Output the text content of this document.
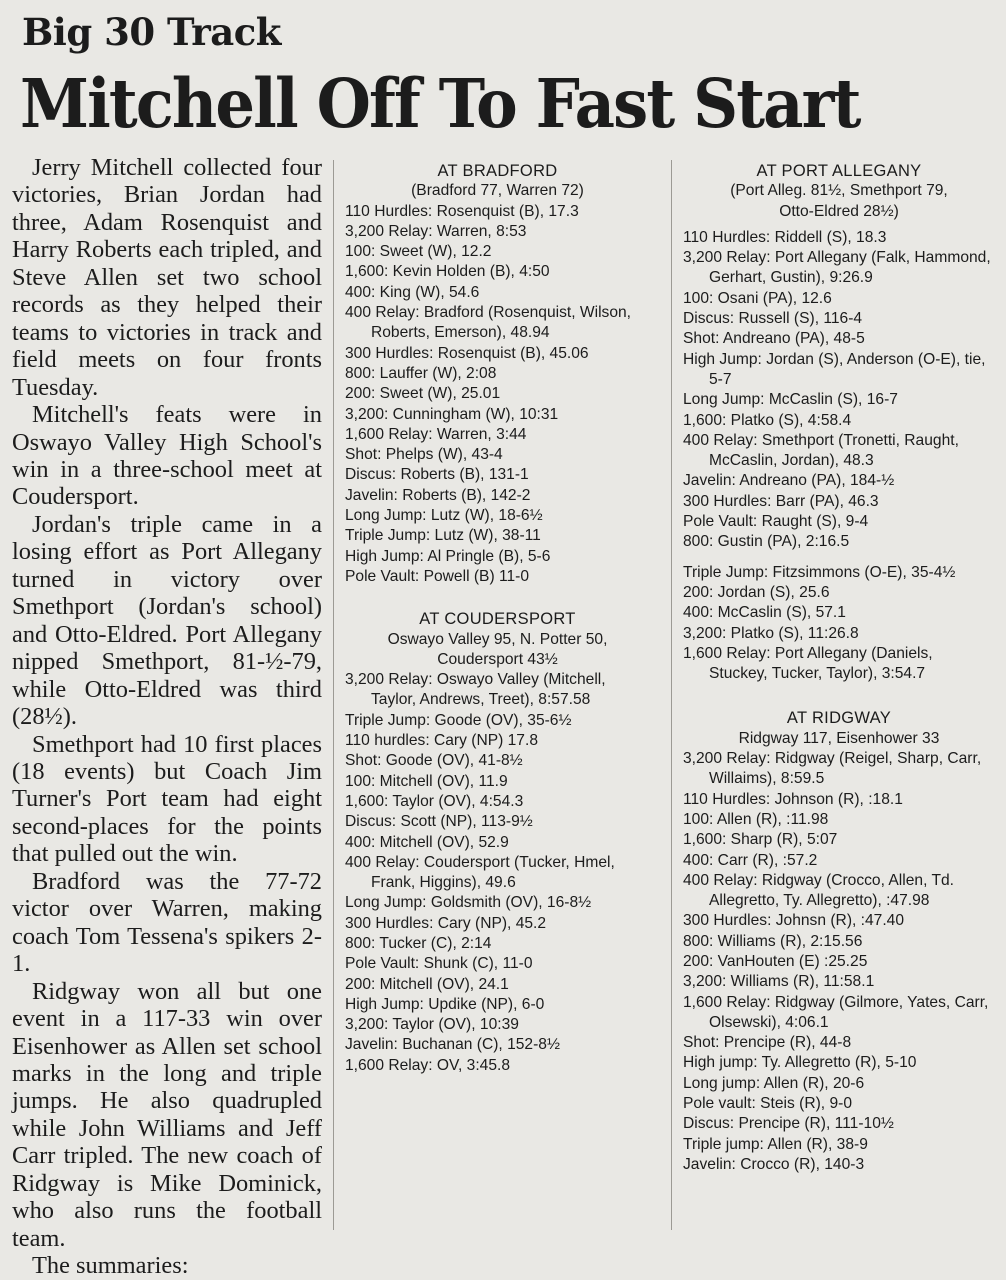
Big 30 Track
Mitchell Off To Fast Start

Jerry Mitchell collected four victories, Brian Jordan had three, Adam Rosenquist and Harry Roberts each tripled, and Steve Allen set two school records as they helped their teams to victories in track and field meets on four fronts Tuesday.

Mitchell's feats were in Oswayo Valley High School's win in a three-school meet at Coudersport.

Jordan's triple came in a losing effort as Port Allegany turned in victory over Smethport (Jordan's school) and Otto-Eldred. Port Allegany nipped Smethport, 81-½-79, while Otto-Eldred was third (28½).

Smethport had 10 first places (18 events) but Coach Jim Turner's Port team had eight second-places for the points that pulled out the win.

Bradford was the 77-72 victor over Warren, making coach Tom Tessena's spikers 2-1.

Ridgway won all but one event in a 117-33 win over Eisenhower as Allen set school marks in the long and triple jumps. He also quadrupled while John Williams and Jeff Carr tripled. The new coach of Ridgway is Mike Dominick, who also runs the football team.

The summaries:

AT BRADFORD
(Bradford 77, Warren 72)
110 Hurdles: Rosenquist (B), 17.3
3,200 Relay: Warren, 8:53
100: Sweet (W), 12.2
1,600: Kevin Holden (B), 4:50
400: King (W), 54.6
400 Relay: Bradford (Rosenquist, Wilson, Roberts, Emerson), 48.94
300 Hurdles: Rosenquist (B), 45.06
800: Lauffer (W), 2:08
200: Sweet (W), 25.01
3,200: Cunningham (W), 10:31
1,600 Relay: Warren, 3:44
Shot: Phelps (W), 43-4
Discus: Roberts (B), 131-1
Javelin: Roberts (B), 142-2
Long Jump: Lutz (W), 18-6½
Triple Jump: Lutz (W), 38-11
High Jump: Al Pringle (B), 5-6
Pole Vault: Powell (B) 11-0
AT COUDERSPORT
Oswayo Valley 95, N. Potter 50,
Coudersport 43½
3,200 Relay: Oswayo Valley (Mitchell, Taylor, Andrews, Treet), 8:57.58
Triple Jump: Goode (OV), 35-6½
110 hurdles: Cary (NP) 17.8
Shot: Goode (OV), 41-8½
100: Mitchell (OV), 11.9
1,600: Taylor (OV), 4:54.3
Discus: Scott (NP), 113-9½
400: Mitchell (OV), 52.9
400 Relay: Coudersport (Tucker, Hmel, Frank, Higgins), 49.6
Long Jump: Goldsmith (OV), 16-8½
300 Hurdles: Cary (NP), 45.2
800: Tucker (C), 2:14
Pole Vault: Shunk (C), 11-0
200: Mitchell (OV), 24.1
High Jump: Updike (NP), 6-0
3,200: Taylor (OV), 10:39
Javelin: Buchanan (C), 152-8½
1,600 Relay: OV, 3:45.8
AT PORT ALLEGANY
(Port Alleg. 81½, Smethport 79,
Otto-Eldred 28½)
110 Hurdles: Riddell (S), 18.3
3,200 Relay: Port Allegany (Falk, Hammond, Gerhart, Gustin), 9:26.9
100: Osani (PA), 12.6
Discus: Russell (S), 116-4
Shot: Andreano (PA), 48-5
High Jump: Jordan (S), Anderson (O-E), tie, 5-7
Long Jump: McCaslin (S), 16-7
1,600: Platko (S), 4:58.4
400 Relay: Smethport (Tronetti, Raught, McCaslin, Jordan), 48.3
Javelin: Andreano (PA), 184-½
300 Hurdles: Barr (PA), 46.3
Pole Vault: Raught (S), 9-4
800: Gustin (PA), 2:16.5
Triple Jump: Fitzsimmons (O-E), 35-4½
200: Jordan (S), 25.6
400: McCaslin (S), 57.1
3,200: Platko (S), 11:26.8
1,600 Relay: Port Allegany (Daniels, Stuckey, Tucker, Taylor), 3:54.7
AT RIDGWAY
Ridgway 117, Eisenhower 33
3,200 Relay: Ridgway (Reigel, Sharp, Carr, Willaims), 8:59.5
110 Hurdles: Johnson (R), :18.1
100: Allen (R), :11.98
1,600: Sharp (R), 5:07
400: Carr (R), :57.2
400 Relay: Ridgway (Crocco, Allen, Td. Allegretto, Ty. Allegretto), :47.98
300 Hurdles: Johnsn (R), :47.40
800: Williams (R), 2:15.56
200: VanHouten (E) :25.25
3,200: Williams (R), 11:58.1
1,600 Relay: Ridgway (Gilmore, Yates, Carr, Olsewski), 4:06.1
Shot: Prencipe (R), 44-8
High jump: Ty. Allegretto (R), 5-10
Long jump: Allen (R), 20-6
Pole vault: Steis (R), 9-0
Discus: Prencipe (R), 111-10½
Triple jump: Allen (R), 38-9
Javelin: Crocco (R), 140-3
